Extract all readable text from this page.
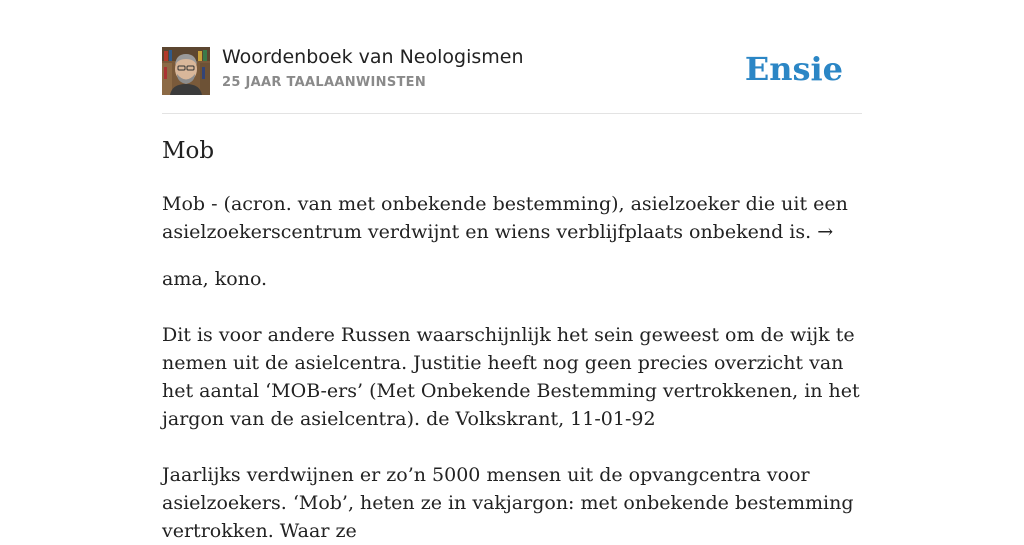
Woordenboek van Neologismen
25 JAAR TAALAANWINSTEN	Ensie
Mob

Mob - (acron. van met onbekende bestemming), asielzoeker die uit een asielzoekerscentrum verdwijnt en wiens verblijfplaats onbekend is. →

ama, kono.

Dit is voor andere Russen waarschijnlijk het sein geweest om de wijk te nemen uit de asielcentra. Justitie heeft nog geen precies overzicht van het aantal ‘MOB-ers’ (Met Onbekende Bestemming vertrokkenen, in het jargon van de asielcentra). de Volkskrant, 11-01-92

Jaarlijks verdwijnen er zo’n 5000 mensen uit de opvangcentra voor asielzoekers. ‘Mob’, heten ze in vakjargon: met onbekende bestemming vertrokken. Waar ze
